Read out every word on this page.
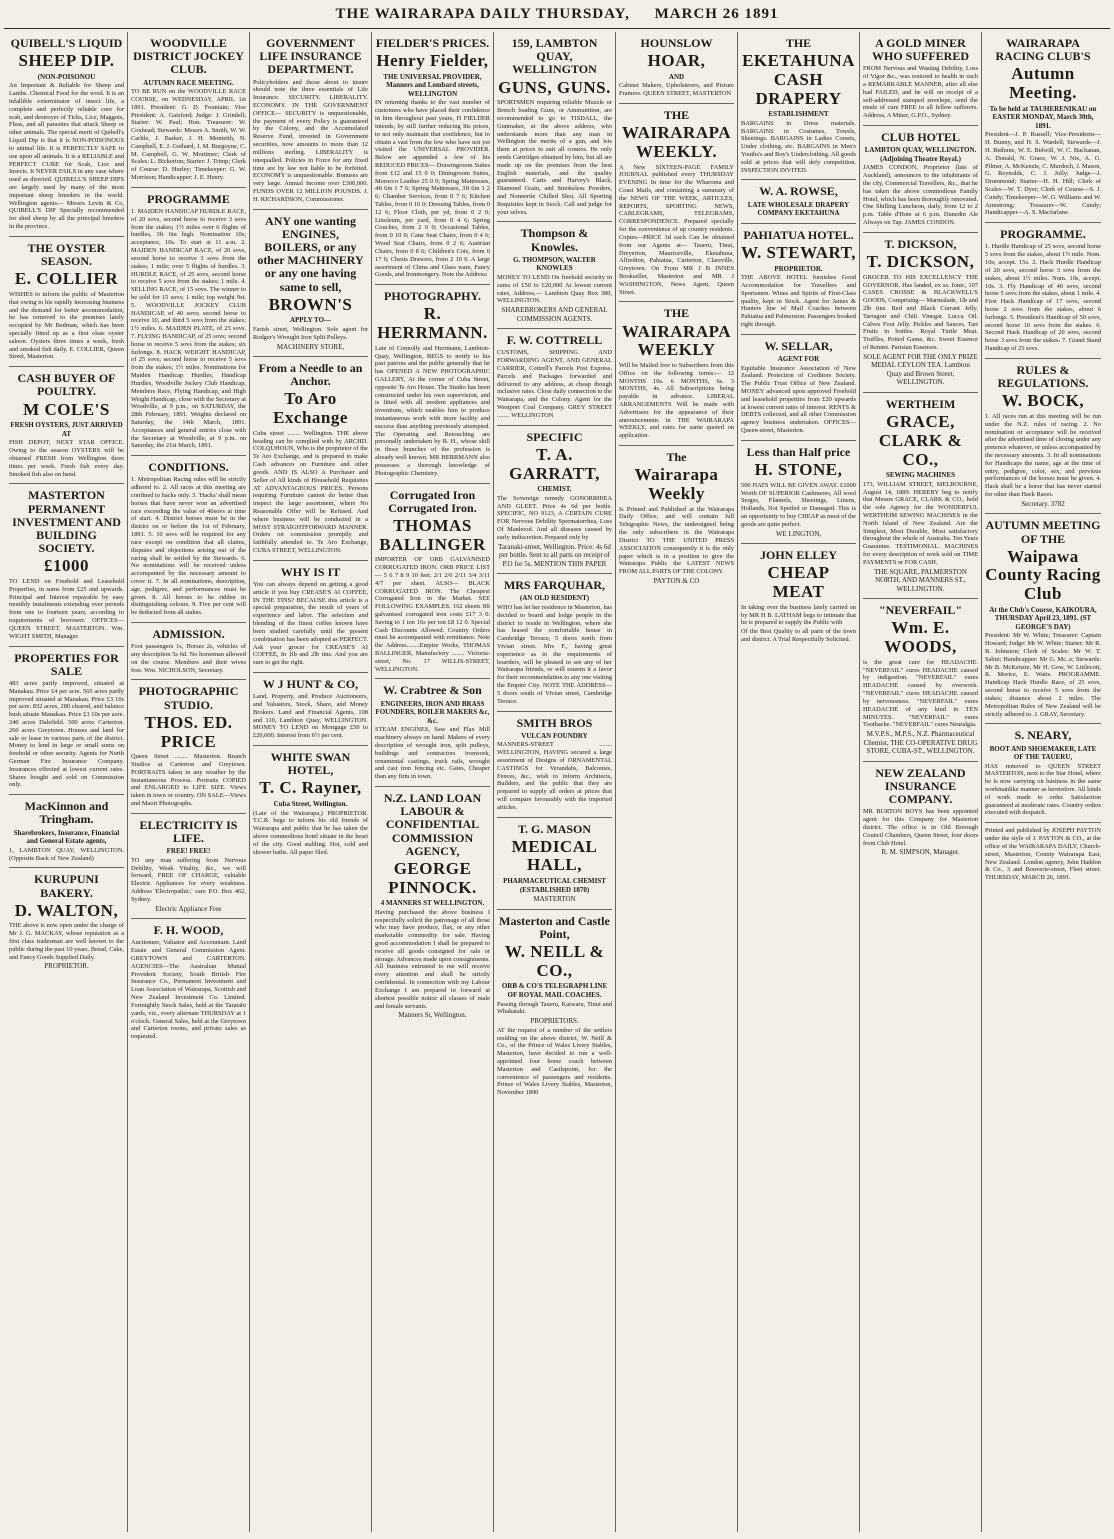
THE WAIRARAPA DAILY THURSDAY, MARCH 26 1891
QUIBELL'S LIQUID
SHEEP DIP.
(NON-POISONOU

An Important & Reliable for Sheep and Lambs. Chemical Food for the wool. It is an infallible exterminator of insect life, a complete and perfectly reliable cure for scab, and destroyer of Ticks, Lice, Maggots, Fleas, and all parasites that attack Sheep or other animals. The special merit of Quibell's Liquid Dip is that it is NON-POISONOUS to animal life. It is PERFECTLY SAFE to use upon all animals. It is a RELIABLE and PERFECT CURE for Scab, Lice and Insects. It NEVER FAILS in any case where used as directed. QUIBELL'S SHEEP DIPS are largely used by many of the most important sheep breeders in the world. Wellington agents— Messrs Levin & Co, QUIBELL'S DIP Specially recommended for shed sheep by all the principal breeders in the province.

THE OYSTER SEASON.
E. COLLIER

WISHES to inform the public of Masterton that owing to his rapidly increasing business and the demand for better accommodation, he has removed to the premises lately occupied by Mr Bedman, which has been specially fitted up as a first class oyster saloon. Oysters three times a week, fresh and smoked fish daily. E. COLLIER, Queen Street, Masterton.

CASH BUYER OF POULTRY.
M COLE'S
FRESH OYSTERS, JUST ARRIVED AT

FISH DEPOT, NEXT STAR OFFICE. Owing to the season OYSTERS will be obtained FRESH from Wellington three times per week. Fresh fish every day. Smoked fish also on hand.

MASTERTON PERMANENT INVESTMENT AND BUILDING SOCIETY.
£1000

TO LEND on Freehold and Leasehold Properties, in sums from £25 and upwards. Principal and Interest repayable by easy monthly instalments extending over periods from one to fourteen years, according to requirements of borrower. OFFICES—QUEEN STREET, MASTERTON. Wm. WIGHT SMITH, Manager.

PROPERTIES FOR SALE

483 acres partly improved, situated at Manakau. Price £4 per acre. 565 acres partly improved situated at Manakau. Price £3 10s per acre. 832 acres, 280 cleared, and balance bush situate Manakau. Price £3 10s per acre. 240 acres Dalefield. 500 acres Carterton. 260 acres Greytown. Houses and land for sale or lease in various parts of the district. Money to lend in large or small sums on freehold or other security. Agents for North German Fire Insurance Company. Insurances effected at lowest current rates. Shares bought and sold on Commission only.

MacKinnon and Tringham.
Sharebrokers, Insurance, Financial and General Estate agents,

1, LAMBTON QUAY, WELLINGTON. (Opposite Back of New Zealand)

KURUPUNI BAKERY.
D. WALTON,

THE above is now open under the charge of Mr J. G. MACKAY, whose reputation as a first class tradesman are well known to the public during the past 10 years. Bread, Cake, and Fancy Goods Supplied Daily.

PROPRIETOR.
WOODVILLE DISTRICT JOCKEY CLUB.
AUTUMN RACE MEETING.

TO BE RUN on the WOODVILLE RACE COURSE, on WEDNESDAY, APRIL 1st 1891. President: G. D. Fountain; Vice President: A. Gaisford; Judge: J. Grindell; Starter: W. Paul; Hon. Treasurer: W. Coxhead; Stewards: Messrs A. Smith, W. W. Carlile, J. Barker, J. H. Monteith, N. Campbell, E. J. Gothard, J. M. Burgoyne, C. M. Campbell, G. W. Mortimer; Clerk of Scales: L. Bickerton; Starter: J. Trimp; Clerk of Course: D. Hurley; Timekeeper: G. W. Morrison; Handicapper: J. E. Henry.

PROGRAMME

1. MAIDEN HANDICAP HURDLE RACE, of 20 sovs, second horse to receive 3 sovs from the stakes; 1½ miles over 6 flights of hurdles, 3ft 6in high. Nomination 10s; acceptance, 10s. To start at 11 a.m. 2. MAIDEN HANDICAP RACE, of 20 sovs, second horse to receive 3 sovs from the stakes; 1 mile; over 5 flights of hurdles. 3. HURDLE RACE, of 25 sovs, second horse to receive 5 sovs from the stakes; 1 mile. 4. SELLING RACE, of 15 sovs. The winner to be sold for 15 sovs; 1 mile; top weight 9st. 5. WOODVILLE JOCKEY CLUB HANDICAP, of 40 sovs; second horse to receive 10, and third 5 sovs from the stakes; 1½ miles. 6. MAIDEN PLATE, of 25 sovs. 7. FLYING HANDICAP, of 25 sovs; second horse to receive 5 sovs from the stakes; six furlongs. 8. HACK WEIGHT HANDICAP, of 25 sovs; second horse to receive 5 sovs from the stakes; 1½ miles. Nominations for Maiden Handicap Hurdles, Handicap Hurdles, Woodville Jockey Club Handicap, Members Race, Flying Handicap, and High Weight Handicap, close with the Secretary at Woodville, at 9 p.m., on SATURDAY, the 28th February, 1891. Weights declared on Saturday, the 14th March, 1891. Acceptances and general entries close with the Secretary at Woodville, at 9 p.m. on Saturday, the 21st March, 1891.

CONDITIONS.

1. Metropolitan Racing rules will be strictly adhered to. 2. All races at this meeting are confined to hacks only. 3. 'Hacks' shall mean horses that have never won an advertised race exceeding the value of 40sovs at time of start. 4. District horses must be in the district on or before the 1st of February, 1891. 5. 10 sovs will be required for any race except on condition that all claims, disputes and objections arising out of the racing shall be settled by the Stewards. 6. No nominations will be received unless accompanied by the necessary amount to cover it. 7. In all nominations, description, age, pedigree, and performances must be given. 8. All horses to be ridden in distinguishing colours. 9. Five per cent will be deducted from all stakes.

ADMISSION.

Foot passengers 1s, Horses 2s, vehicles of any description 5s 6d. No horseman allowed on the course. Members and their wives free. Wm. NICHOLSON, Secretary.

PHOTOGRAPHIC STUDIO.
THOS. ED. PRICE

Queen Street ........ Masterton. Branch Studios at Carterton and Greytown. PORTRAITS taken in any weather by the Instantaneous Process. Portraits COPIED and ENLARGED to LIFE SIZE. Views taken in town or country. ON SALE—Views and Maori Photographs.

ELECTRICITY IS LIFE.
FREE! FREE!

TO any man suffering from Nervous Debility, Weak Vitality, &c., we will forward, FREE OF CHARGE, valuable Electric Appliances for every weakness. Address 'Electropathic,' care P.O. Box 462, Sydney.

Electric Appliance Free
F. H. WOOD,

Auctioneer, Valuator and Accountant. Land Estate and General Commission Agent. GREYTOWN and CARTERTON. AGENCIES—The Australian Mutual Provident Society, South British Fire Insurance Co., Permanent Investment and Loan Association of Wairarapa, Scottish and New Zealand Investment Co. Limited. Fortnightly Stock Sales, held at the Taratahi yards, viz., every alternate THURSDAY at 1 o'clock. General Sales, held at the Greytown and Carterton rooms, and private sales as requested.

GOVERNMENT LIFE INSURANCE DEPARTMENT.

Policyholders and those about to insure should note the three essentials of Life Insurance. SECURITY. LIBERALITY. ECONOMY. IN THE GOVERNMENT OFFICE— SECURITY is unquestionable, the payment of every Policy is guaranteed by the Colony, and the Accumulated Reserve Fund, invested in Government securities, now amounts to more than 12 millions sterling. LIBERALITY is unequalled. Policies in Force for any fixed time are by law not liable to be forfeited. ECONOMY is unquestionable. Bonuses are very large. Annual Income over £300,000. FUNDS OVER 12 MILLION POUNDS. J. H. RICHARDSON, Commissioner.

ANY one wanting ENGINES, BOILERS, or any other MACHINERY or any one having same to sell,
BROWN'S
APPLY TO—

Farish street, Wellington. Sole agent for Rodger's Wrought Iron Split Pulleys.

MACHINERY STORE,
From a Needle to an Anchor.
To Aro Exchange

Cuba street ........ Wellington. THE above heading can be complied with by ARCHD. COLQUHOUN, Who is the proprietor of the Te Aro Exchange, and is prepared to make Cash advances on Furniture and other goods. AND IS ALSO A Purchaser and Seller of All kinds of Household Requisites AT ADVANTAGEOUS PRICES. Persons requiring Furniture cannot do better than inspect the large assortment, where No Reasonable Offer will be Refused. And where business will be conducted in a MOST STRAIGHTFORWARD MANNER. Orders on commission promptly and faithfully attended to. Te Aro Exchange, CUBA STREET, WELLINGTON.

WHY IS IT

You can always depend on getting a good article if you buy CREASE'S AI COFFEE, IN THE TINS? BECAUSE this article is a special preparation, the result of years of experience and labor. The selection and blending of the finest coffee known have been studied carefully until the present combination has been adopted as PERFECT. Ask your grocer for CREASE'S AI COFFEE, In 1lb and 2lb tins. And you are sure to get the right.

W J HUNT & CO,

Land, Property, and Produce Auctioneers, and Valuators, Stock, Share, and Money Brokers. Land and Financial Agents, 108 and 110, Lambton Quay, WELLINGTON. MONEY TO LEND on Mortgage £50 to £20,000. Interest from 6½ per cent.

WHITE SWAN HOTEL,
T. C. Rayner,
Cuba Street, Wellington.

(Late of the Wairarapa,) PROPRIETOR. T.C.R. begs to inform his old friends of Wairarapa and public that he has taken the above commodious hotel situate in the heart of the city. Good stabling. Hot, cold and shower baths. All paper filed.

FIELDER'S PRICES.
Henry Fielder,
THE UNIVERSAL PROVIDER, Manners and Lombard streets, WELLINGTON

IN returning thanks to the vast number of customers who have placed their confidence in him throughout past years, H FIELDER intends, by still further reducing his prices, to not only maintain that confidence, but to obtain a vast from the few who have not yet visited the UNIVERSAL PROVIDER. Below are appended a few of his REDUCED PRICES— Drawingroom Suites from £12 and 15 0 0; Diningroom Suites, Morocco Leather 25 0 0; Spring Mattresses, 4ft 6in 1 7 6; Spring Mattresses, 3ft 6in 1 2 6; Chamber Services, from 0 7 6; Kitchen Tables, from 0 10 0; Dressing Tables, from 0 12 6; Floor Cloth, per yd, from 0 2 0; Linoleum, per yard, from 0 4 6; Spring Couches, from 2 0 0; Occasional Tables, from 0 10 0; Cane Seat Chairs, from 0 4 6; Wood Seat Chairs, from 0 2 6; Austrian Chairs, from 0 8 6; Children's Cots, from 0 17 6; Chests Drawers, from 2 10 0. A large assortment of China and Glass ware, Fancy Goods, and Ironmongery. Note the Address:

PHOTOGRAPHY.
R. HERRMANN.

Late of Connolly and Herrmann, Lambton-Quay, Wellington, BEGS to notify to his past patrons and the public generally that he has OPENED A NEW PHOTOGRAPHIC GALLERY, At the corner of Cuba Street, opposite Te Aro House. The Studio has been constructed under his own supervision, and is fitted with all modern appliances and inventions, which enables him to produce instantaneous work with more facility and success than anything previously attempted. The Operating and Retouching are personally undertaken by R. H., whose skill in those branches of the profession is already well known. MR HERRMANN also possesses a thorough knowledge of Photographic Chemistry.

Corrugated Iron Corrugated Iron.
THOMAS BALLINGER

IMPORTER OF ORB GALVANISED CORRUGATED IRON. ORB PRICE LIST— 5 6 7 8 9 10 feet. 2/1 2/6 2/11 3/4 3/11 4/7 per sheet. ALSO— BLACK CORRUGATED IRON. The Cheapest Corrugated Iron in the Market. SEE FOLLOWING EXAMPLES. 162 sheets 8ft galvanised corrugated iron costs £17 3 0. Saving to 1 ton 16s per ton £8 12 0. Special Cash Discounts Allowed. Country Orders must be accompanied with remittance. Note the Address........Empire Works, THOMAS BALLINGER, Manufactory ........ Victoria-street, No. 17 WILLIS-STREET, WELLINGTON.

W. Crabtree & Son
ENGINEERS, IRON AND BRASS FOUNDERS, BOILER MAKERS &c, &c.

STEAM ENGINES, Saw and Flax Mill machinery always on hand. Makers of every description of wrought iron, split pulleys, buildings and contractors ironwork, ornamental castings, truck rails, wrought and cast iron fencing etc. Gates, Cheaper than any firm in town.

N.Z. LAND LOAN LABOUR & CONFIDENTIAL COMMISSION AGENCY,
GEORGE PINNOCK.
4 MANNERS ST WELLINGTON.

Having purchased the above business I respectfully solicit the patronage of all those who may have produce, flax, or any other marketable commodity for sale. Having good accommodation I shall be prepared to receive all goods consigned for sale or storage. Advances made upon consignments. All business entrusted to me will receive every attention and shall be strictly confidential. In connection with my Labour Exchange I am prepared to forward at shortest possible notice all classes of male and female servants.

Manners St, Wellington.
159, LAMBTON QUAY, WELLINGTON
GUNS, GUNS.

SPORTSMEN requiring reliable Muzzle or Breech loading Guns, or Ammunition, are recommended to go to TISDALL, the Gunmaker, at the above address, who understands more than any man in Wellington the merits of a gun, and lets them at prices to suit all comers. He only sends Cartridges obtained by him, but all are made up on the premises from the best English materials, and the quality guaranteed. Carts and Harvey's Black, Diamond Grain, and Smokeless Powders, and Nonnerite Chilled Shot. All Sporting Requisites kept in Stock. Call and judge for your selves.

Thompson & Knowles.
G. THOMPSON, WALTER KNOWLES

MONEY TO LEND On freehold security in sums of £50 to £20,000 At lowest current rates, Address,— Lambton Quay Box 380, WELLINGTON.

SHAREBROKERS AND GENERAL COMMISSION AGENTS.
F. W. COTTRELL

CUSTOMS, SHIPPING AND FORWARDING AGENT, AND GENERAL CARRIER, Cottrell's Parcels Post Express. Parcels and Packages forwarded and delivered to any address, at cheap though inclusive rates. Close daily connection to the Wairarapa, and the Colony. Agent for the Westport Coal Company. GREY STREET ........ WELLINGTON

SPECIFIC
T. A. GARRATT,
CHEMIST.

The Sovereign remedy GONORRHŒA AND GLEET. Price 4s 6d per bottle. SPECIFIC, NO 9123, A CERTAIN CURE FOR Nervous Debility Spermatorrhea, Loss Of Manhood. And all diseases caused by early indiscretion. Prepared only by

Taranaki-street, Wellington. Price: 4s 6d per bottle. Sent to all parts on receipt of P.O for 5s. MENTION THIS PAPER
MRS FARQUHAR,
(AN OLD RESIDENT)

WHO has let her residence in Masterton, has decided to board and lodge people in the district to reside in Wellington, where she has leased the comfortable house in Cambridge Terrace, 5 doors north from Vivian street. Mrs F., having great experience as to the requirements of boarders, will be pleased to see any of her Wairarapa friends, or will esteem it a favor for their recommendation to any one visiting the Empire City. NOTE THE ADDRESS— 5 doors south of Vivian street, Cambridge Terrace.

SMITH BROS
VULCAN FOUNDRY

MANNERS-STREET ........ WELLINGTON, HAVING secured a large assortment of Designs of ORNAMENTAL CASTINGS for Verandahs, Balconies, Fences, &c., wish to inform Architects, Builders, and the public that they are prepared to supply all orders at prices that will compare favourably with the imported articles.

T. G. MASON
MEDICAL HALL,
PHARMACEUTICAL CHEMIST (ESTABLISHED 1870)
MASTERTON
Masterton and Castle Point,
W. NEILL & CO.,
ORB & CO'S TELEGRAPH LINE OF ROYAL MAIL COACHES.

Passing through Taueru, Kaiwaru, Tinui and Whakataki.

PROPRIETORS.

AT the request of a number of the settlers residing on the above district, W. Neill & Co., of the Prince of Wales Livery Stables, Masterton, have decided to run a well-appointed four horse coach between Masterton and Castlepoint, for the convenience of passengers and residents. Prince of Wales Livery Stables, Masterton, November 1890

HOUNSLOW
HOAR,
AND

Cabinet Makers, Upholsterers, and Picture Framers. QUEEN STREET, MASTERTON

THE
WAIRARAPA WEEKLY.

A New SIXTEEN-PAGE FAMILY JOURNAL published every THURSDAY EVENING In time for the Wharoma and Coast Mails, and containing a summary of the NEWS OF THE WEEK, ARTICLES, REPORTS, SPORTING NEWS, CABLEGRAMS, TELEGRAMS, CORRESPONDENCE. Prepared specially for the convenience of up country residents. Copies—PRICE 3d each Can be obtained from our Agents at— Taueru, Tinui, Dreyerton, Mauriceville, Eketahuna, Alfredton, Pahiatua, Carterton, Clareville, Greytown. On From MR J B INNES Bookseller, Masterton and MR J WASHINGTON, News Agent, Queen Street.

THE
WAIRARAPA WEEKLY

Will be Mailed free to Subscribers from this Office on the following terms:— 12 MONTHS 10s. 6 MONTHS, 6s. 3 MONTHS, 4s. All Subscriptions being payable in advance. LIBERAL ARRANGEMENTS Will be made with Advertisers for the appearance of their announcements in THE WAIRARAPA WEEKLY, and rates for same quoted on application.

The
Wairarapa Weekly

Is Printed and Published at the Wairarapa Daily Office, and will contain full Telegraphic News, the undersigned being the only subscribers in the Wairarapa District TO THE UNITED PRESS ASSOCIATION consequently it is the only paper which is in a position to give the Wairarapa Public the LATEST NEWS FROM ALL PARTS OF THE COLONY.

PAYTON & CO
THE
EKETAHUNA CASH DRAPERY
ESTABLISHMENT

BARGAINS in Dress materials. BARGAINS in Costumes, Towels, Sheetings. BARGAINS in Ladies Corsets, Under clothing, etc. BARGAINS in Men's Youths's and Boy's Underclothing. All goods sold at prices that will defy competition. INSPECTION INVITED.

W. A. ROWSE,
LATE WHOLESALE DRAPERY COMPANY EKETAHUNA
PAHIATUA HOTEL.
W. STEWART,
PROPRIETOR.

THE ABOVE HOTEL furnishes Good Accommodation for Travellers and Sportsmen. Wines and Spirits of First-Class quality, kept in Stock. Agent for James & Hunters line of Mail Coaches between Pahiatua and Palmerston. Passengers booked right through.

W. SELLAR,
AGENT FOR

Equitable Insurance Association of New Zealand. Protection of Creditors Society. The Public Trust Office of New Zealand. MONEY advanced upon approved Freehold and leasehold properties from £20 upwards at lowest current rates of interest. RENTS & DEBTS collected, and all other Commission agency business undertaken. OFFICES—Queen-street, Masterton.

Less than Half price
H. STONE,

500 HATS WILL BE GIVEN AWAY. £1000 Worth OF SUPERIOR Cashmeres, All wool Serges, Flannels, Sheetings, Linens, Hollands, Not Spoiled or Damaged. This is an opportunity to buy CHEAP as most of the goods are quite perfect.

WE LINGTON,
JOHN ELLEY
CHEAP MEAT

In taking over the business lately carried on by MR H B. LATHAM begs to intimate that he is prepared to supply the Public with

Of the Best Quality to all parts of the town and district. A Trial Respectfully Solicited.

A GOLD MINER WHO SUFFERED

FROM Nervous and Wasting Debility, Loss of Vigor &c., was restored to health in such a REMARKABLE MANNER, after all else had FAILED, and he will on receipt of a self-addressed stamped envelope, send the mode of cure FREE to all fellow sufferers. Address, A Miner, G.P.O., Sydney.

CLUB HOTEL
LAMBTON QUAY, WELLINGTON. (Adjoining Theatre Royal.)

JAMES CONDON, Proprietor (late of Auckland), announces to the inhabitants of the city, Commercial Travellers, &c., that he has taken the above commodious Family Hotel, which has been thoroughly renovated. One Shilling Luncheon, daily, from 12 to 2 p.m. Table d'Hote at 6 p.m. Dunedin Ale Always on Tap. JAMES CONDON.

T. DICKSON,
T. DICKSON,

GROCER TO HIS EXCELLENCY THE GOVERNOR. Has landed, ex ss. Ionic, 107 CASES CROSSE & BLACKWELL'S GOODS, Comprising— Marmalade, 1lb and 2lb tins. Red and Black Currant Jelly. Tarragon and Chili Vinegar. Lucca Oil. Calves Foot Jelly. Pickles and Sauces. Tart Fruits in bottles. Royal Turtle Meat. Truffles, Potted Game, &c. Sweet Essence of Rennet. Parisian Essences.

SOLE AGENT FOR THE ONLY PRIZE MEDAL CEYLON TEA. Lambton Quay and Brown Street, WELLINGTON.
WERTHEIM
GRACE, CLARK & CO.,
SEWING MACHINES

173, WILLIAM STREET, MELBOURNE, August 14, 1889. HEREBY beg to notify that Messrs GRACE, CLARK & CO., hold the sole Agency for the WONDERFUL WERTHEIM SEWING MACHINES in the North Island of New Zealand. Are the Simplest, Most Durable, Most satisfactory throughout the whole of Australia. Ten Years Guarantee. TESTIMONIAL. MACHINES for every description of work sold on TIME PAYMENTS or FOR CASH.

THE SQUARE, PALMERSTON NORTH, AND MANNERS ST., WELLINGTON.
"NEVERFAIL"
Wm. E. WOODS,

is the great cure for HEADACHE. "NEVERFAIL" cures HEADACHE caused by indigestion. "NEVERFAIL" cures HEADACHE caused by overwork. "NEVERFAIL" cures HEADACHE caused by nervousness. "NEVERFAIL" cures HEADACHE of any kind in TEN MINUTES. "NEVERFAIL" cures Toothache. "NEVERFAIL" cures Neuralgia.

M.V.P.S., M.P.S., N.Z. Pharmaceutical Chemist, THE CO-OPERATIVE DRUG STORE, CUBA-ST., WELLINGTON.
NEW ZEALAND INSURANCE COMPANY.

MR BURTON BOYS has been appointed agent for this Company for Masterton district. The office is in Old Borough Council Chambers, Queen Street, four doors from Club Hotel.

R. M. SIMPSON, Manager.
WAIRARAPA RACING CLUB'S
Autumn Meeting.
To be held at TAUHERENIKAU on EASTER MONDAY, March 30th, 1891.

President—J. P. Russell; Vice-Presidents—H. Bunny, and H. S. Wardell; Stewards—J. H. Bethune, W. E. Bidwill, W. C. Buchanan, A. Donald, N. Grace, W. J. Nix, A. G. Pilmer, A. McKenzie, C. Murdoch, J. Mason, G. Reynolds, C. J. Jolly; Judge—J. Drummond; Starter—H. H. Hill; Clerk of Scales—W. T. Dyer; Clerk of Course—S. J. Cundy; Timekeeper—W. G. Williams and W. Armstrong; Treasurer—W. Cundy; Handicapper—A. S. Macfarlane.

PROGRAMME.

1. Hurdle Handicap of 25 sovs, second horse 5 sovs from the stakes, about 1½ mile. Nom. 10s; accept. 15s. 2. Hack Hurdle Handicap of 20 sovs, second horse 3 sovs from the stakes, about 1½ miles. Nom. 10s, accept. 10s. 3. Fly Handicap of 40 sovs, second horse 5 sovs from the stakes, about 1 mile. 4. First Hack Handicap of 17 sovs, second horse 2 sovs from the stakes, about 6 furlongs. 5. President's Handicap of 50 sovs, second horse 10 sovs from the stakes. 6. Second Hack Handicap of 20 sovs, second horse 3 sovs from the stakes. 7. Grand Stand Handicap of 25 sovs.

RULES & REGULATIONS.
W. BOCK,

1. All races run at this meeting will be run under the N.Z. rules of racing. 2. No nomination or acceptance will be received after the advertised time of closing under any pretence whatever, or unless accompanied by the necessary amounts. 3. In all nominations for Handicaps the name, age at the time of entry, pedigree, color, sex, and previous performances of the horses must be given. 4. Hack shall be a horse that has never started for other than Hack Races.

Secretary. 3782
AUTUMN MEETING OF THE
Waipawa County Racing Club
At the Club's Course, KAIKOURA, THURSDAY April 23, 1891. (ST GEORGE'S DAY)

President: Mr W. White; Treasurer: Captain Howard; Judge: Mr W. White; Starter: Mr R. B. Johnston; Clerk of Scales: Mr W. T. Sabin; Handicapper: Mr G. Mc..e; Stewards: Mr B. McKenzie, Mr H. Gow, W. Littlecott, R. Morice, E. Watts. PROGRAMME. Handicap Hack Hurdle Race, of 25 sovs, second horse to receive 5 sovs from the stakes; distance about 2 miles. The Metropolitan Rules of New Zealand will be strictly adhered to. J. GRAY, Secretary.

S. NEARY,
BOOT AND SHOEMAKER, LATE OF THE TAUERU,

HAS removed to QUEEN STREET MASTERTON, next to the Star Hotel, where he is now carrying on business in the same workmanlike manner as heretofore. All kinds of work made to order. Satisfaction guaranteed at moderate rates. Country orders executed with despatch.

Printed and published by JOSEPH PAYTON under the style of J. PAYTON & CO., at the office of the WAIRARAPA DAILY, Church-street, Masterton, County Wairarapa East, New Zealand. London agency, John Haddon & Co., 3 and Bouverie-street, Fleet street. THURSDAY, MARCH 26, 1891.
